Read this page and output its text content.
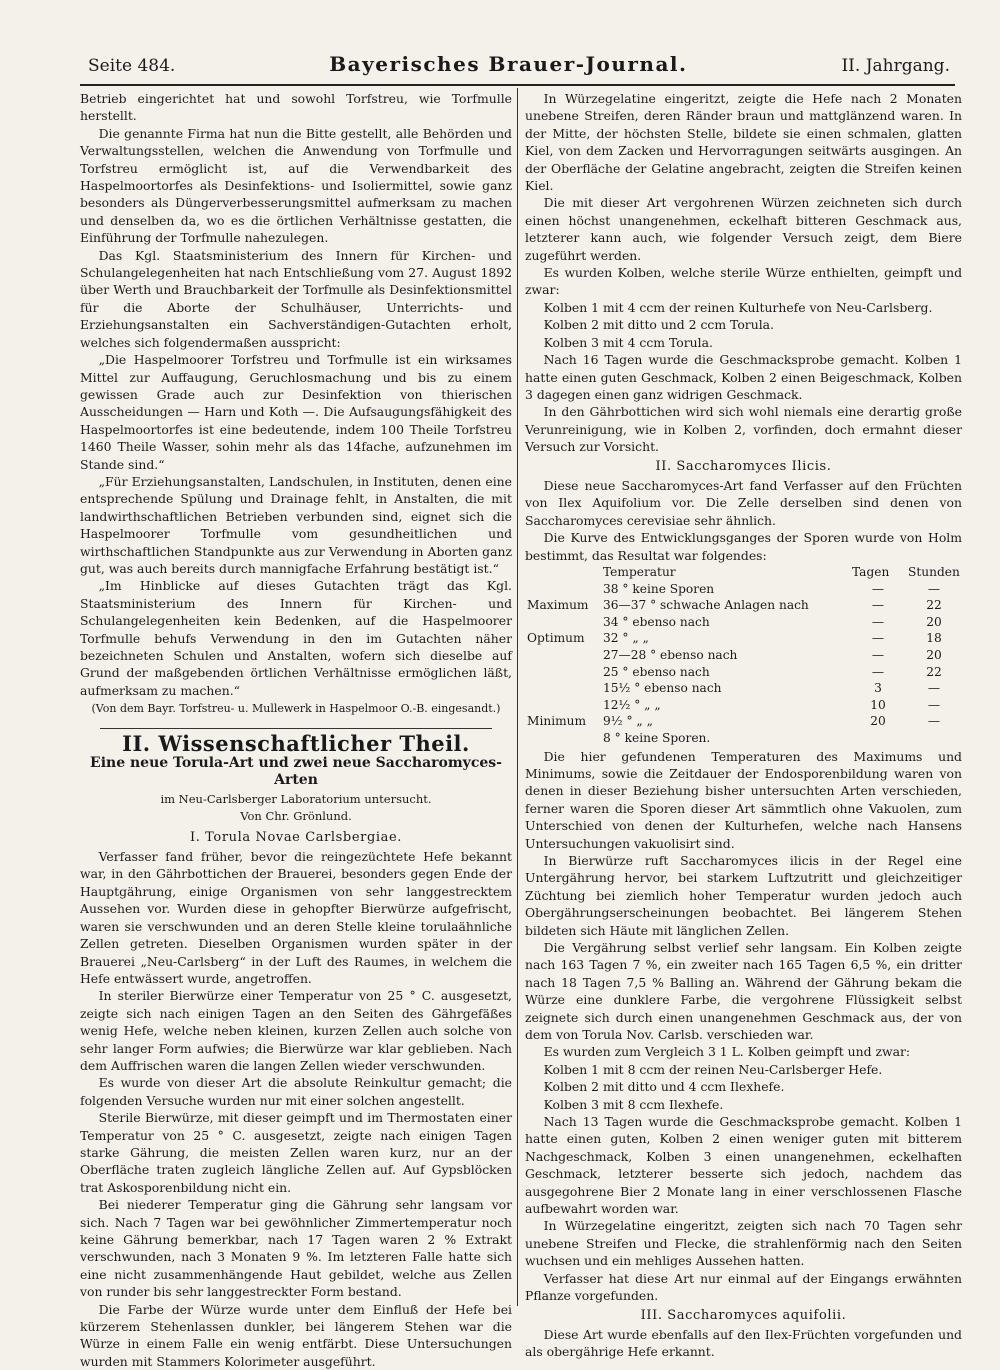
Seite 484.	Bayerisches Brauer-Journal.	II. Jahrgang.

Betrieb eingerichtet hat und sowohl Torfstreu, wie Torfmulle herstellt.

Die genannte Firma hat nun die Bitte gestellt, alle Behörden und Verwaltungsstellen, welchen die Anwendung von Torfmulle und Torfstreu ermöglicht ist, auf die Verwendbarkeit des Haspelmoortorfes als Desinfektions- und Isoliermittel, sowie ganz besonders als Düngerverbesserungsmittel aufmerksam zu machen und denselben da, wo es die örtlichen Verhältnisse gestatten, die Einführung der Torfmulle nahezulegen.

Das Kgl. Staatsministerium des Innern für Kirchen- und Schulangelegenheiten hat nach Entschließung vom 27. August 1892 über Werth und Brauchbarkeit der Torfmulle als Desinfektionsmittel für die Aborte der Schulhäuser, Unterrichts- und Erziehungsanstalten ein Sachverständigen-Gutachten erholt, welches sich folgendermaßen ausspricht:

„Die Haspelmoorer Torfstreu und Torfmulle ist ein wirksames Mittel zur Auffaugung, Geruchlosmachung und bis zu einem gewissen Grade auch zur Desinfektion von thierischen Ausscheidungen — Harn und Koth —. Die Aufsaugungsfähigkeit des Haspelmoortorfes ist eine bedeutende, indem 100 Theile Torfstreu 1460 Theile Wasser, sohin mehr als das 14fache, aufzunehmen im Stande sind.“

„Für Erziehungsanstalten, Landschulen, in Instituten, denen eine entsprechende Spülung und Drainage fehlt, in Anstalten, die mit landwirthschaftlichen Betrieben verbunden sind, eignet sich die Haspelmoorer Torfmulle vom gesundheitlichen und wirthschaftlichen Standpunkte aus zur Verwendung in Aborten ganz gut, was auch bereits durch mannigfache Erfahrung bestätigt ist.“

„Im Hinblicke auf dieses Gutachten trägt das Kgl. Staatsministerium des Innern für Kirchen- und Schulangelegenheiten kein Bedenken, auf die Haspelmoorer Torfmulle behufs Verwendung in den im Gutachten näher bezeichneten Schulen und Anstalten, wofern sich dieselbe auf Grund der maßgebenden örtlichen Verhältnisse ermöglichen läßt, aufmerksam zu machen.“

(Von dem Bayr. Torfstreu- u. Mullewerk in Haspelmoor O.-B. eingesandt.)

II. Wissenschaftlicher Theil.

Eine neue Torula-Art und zwei neue Saccharomyces-Arten

im Neu-Carlsberger Laboratorium untersucht.

Von Chr. Grönlund.

I. Torula Novae Carlsbergiae.

Verfasser fand früher, bevor die reingezüchtete Hefe bekannt war, in den Gährbottichen der Brauerei, besonders gegen Ende der Hauptgährung, einige Organismen von sehr langgestrecktem Aussehen vor. Wurden diese in gehopfter Bierwürze aufgefrischt, waren sie verschwunden und an deren Stelle kleine torulaähnliche Zellen getreten. Dieselben Organismen wurden später in der Brauerei „Neu-Carlsberg“ in der Luft des Raumes, in welchem die Hefe entwässert wurde, angetroffen.

In steriler Bierwürze einer Temperatur von 25 ° C. ausgesetzt, zeigte sich nach einigen Tagen an den Seiten des Gährgefäßes wenig Hefe, welche neben kleinen, kurzen Zellen auch solche von sehr langer Form aufwies; die Bierwürze war klar geblieben. Nach dem Auffrischen waren die langen Zellen wieder verschwunden.

Es wurde von dieser Art die absolute Reinkultur gemacht; die folgenden Versuche wurden nur mit einer solchen angestellt.

Sterile Bierwürze, mit dieser geimpft und im Thermostaten einer Temperatur von 25 ° C. ausgesetzt, zeigte nach einigen Tagen starke Gährung, die meisten Zellen waren kurz, nur an der Oberfläche traten zugleich längliche Zellen auf. Auf Gypsblöcken trat Askosporenbildung nicht ein.

Bei niederer Temperatur ging die Gährung sehr langsam vor sich. Nach 7 Tagen war bei gewöhnlicher Zimmertemperatur noch keine Gährung bemerkbar, nach 17 Tagen waren 2 % Extrakt verschwunden, nach 3 Monaten 9 %. Im letzteren Falle hatte sich eine nicht zusammenhängende Haut gebildet, welche aus Zellen von runder bis sehr langgestreckter Form bestand.

Die Farbe der Würze wurde unter dem Einfluß der Hefe bei kürzerem Stehenlassen dunkler, bei längerem Stehen war die Würze in einem Falle ein wenig entfärbt. Diese Untersuchungen wurden mit Stammers Kolorimeter ausgeführt.

In Würzegelatine eingeritzt, zeigte die Hefe nach 2 Monaten unebene Streifen, deren Ränder braun und mattglänzend waren. In der Mitte, der höchsten Stelle, bildete sie einen schmalen, glatten Kiel, von dem Zacken und Hervorragungen seitwärts ausgingen. An der Oberfläche der Gelatine angebracht, zeigten die Streifen keinen Kiel.

Die mit dieser Art vergohrenen Würzen zeichneten sich durch einen höchst unangenehmen, eckelhaft bitteren Geschmack aus, letzterer kann auch, wie folgender Versuch zeigt, dem Biere zugeführt werden.

Es wurden Kolben, welche sterile Würze enthielten, geimpft und zwar:

Kolben 1 mit 4 ccm der reinen Kulturhefe von Neu-Carlsberg.

Kolben 2 mit ditto und 2 ccm Torula.

Kolben 3 mit 4 ccm Torula.

Nach 16 Tagen wurde die Geschmacksprobe gemacht. Kolben 1 hatte einen guten Geschmack, Kolben 2 einen Beigeschmack, Kolben 3 dagegen einen ganz widrigen Geschmack.

In den Gährbottichen wird sich wohl niemals eine derartig große Verunreinigung, wie in Kolben 2, vorfinden, doch ermahnt dieser Versuch zur Vorsicht.

II. Saccharomyces Ilicis.

Diese neue Saccharomyces-Art fand Verfasser auf den Früchten von Ilex Aquifolium vor. Die Zelle derselben sind denen von Saccharomyces cerevisiae sehr ähnlich.

Die Kurve des Entwicklungsganges der Sporen wurde von Holm bestimmt, das Resultat war folgendes:

	Temperatur	Tagen	Stunden
	38 ° keine Sporen	—	—
Maximum	36—37 ° schwache Anlagen nach	—	22
	34 ° ebenso nach	—	20
Optimum	32 ° „ „	—	18
	27—28 ° ebenso nach	—	20
	25 ° ebenso nach	—	22
	15½ ° ebenso nach	3	—
	12½ ° „ „	10	—
Minimum	9½ ° „ „	20	—
	8 ° keine Sporen.		

Die hier gefundenen Temperaturen des Maximums und Minimums, sowie die Zeitdauer der Endosporenbildung waren von denen in dieser Beziehung bisher untersuchten Arten verschieden, ferner waren die Sporen dieser Art sämmtlich ohne Vakuolen, zum Unterschied von denen der Kulturhefen, welche nach Hansens Untersuchungen vakuolisirt sind.

In Bierwürze ruft Saccharomyces ilicis in der Regel eine Untergährung hervor, bei starkem Luftzutritt und gleichzeitiger Züchtung bei ziemlich hoher Temperatur wurden jedoch auch Obergährungserscheinungen beobachtet. Bei längerem Stehen bildeten sich Häute mit länglichen Zellen.

Die Vergährung selbst verlief sehr langsam. Ein Kolben zeigte nach 163 Tagen 7 %, ein zweiter nach 165 Tagen 6,5 %, ein dritter nach 18 Tagen 7,5 % Balling an. Während der Gährung bekam die Würze eine dunklere Farbe, die vergohrene Flüssigkeit selbst zeignete sich durch einen unangenehmen Geschmack aus, der von dem von Torula Nov. Carlsb. verschieden war.

Es wurden zum Vergleich 3 1 L. Kolben geimpft und zwar:

Kolben 1 mit 8 ccm der reinen Neu-Carlsberger Hefe.

Kolben 2 mit ditto und 4 ccm Ilexhefe.

Kolben 3 mit 8 ccm Ilexhefe.

Nach 13 Tagen wurde die Geschmacksprobe gemacht. Kolben 1 hatte einen guten, Kolben 2 einen weniger guten mit bitterem Nachgeschmack, Kolben 3 einen unangenehmen, eckelhaften Geschmack, letzterer besserte sich jedoch, nachdem das ausgegohrene Bier 2 Monate lang in einer verschlossenen Flasche aufbewahrt worden war.

In Würzegelatine eingeritzt, zeigten sich nach 70 Tagen sehr unebene Streifen und Flecke, die strahlenförmig nach den Seiten wuchsen und ein mehliges Aussehen hatten.

Verfasser hat diese Art nur einmal auf der Eingangs erwähnten Pflanze vorgefunden.

III. Saccharomyces aquifolii.

Diese Art wurde ebenfalls auf den Ilex-Früchten vorgefunden und als obergährige Hefe erkannt.
